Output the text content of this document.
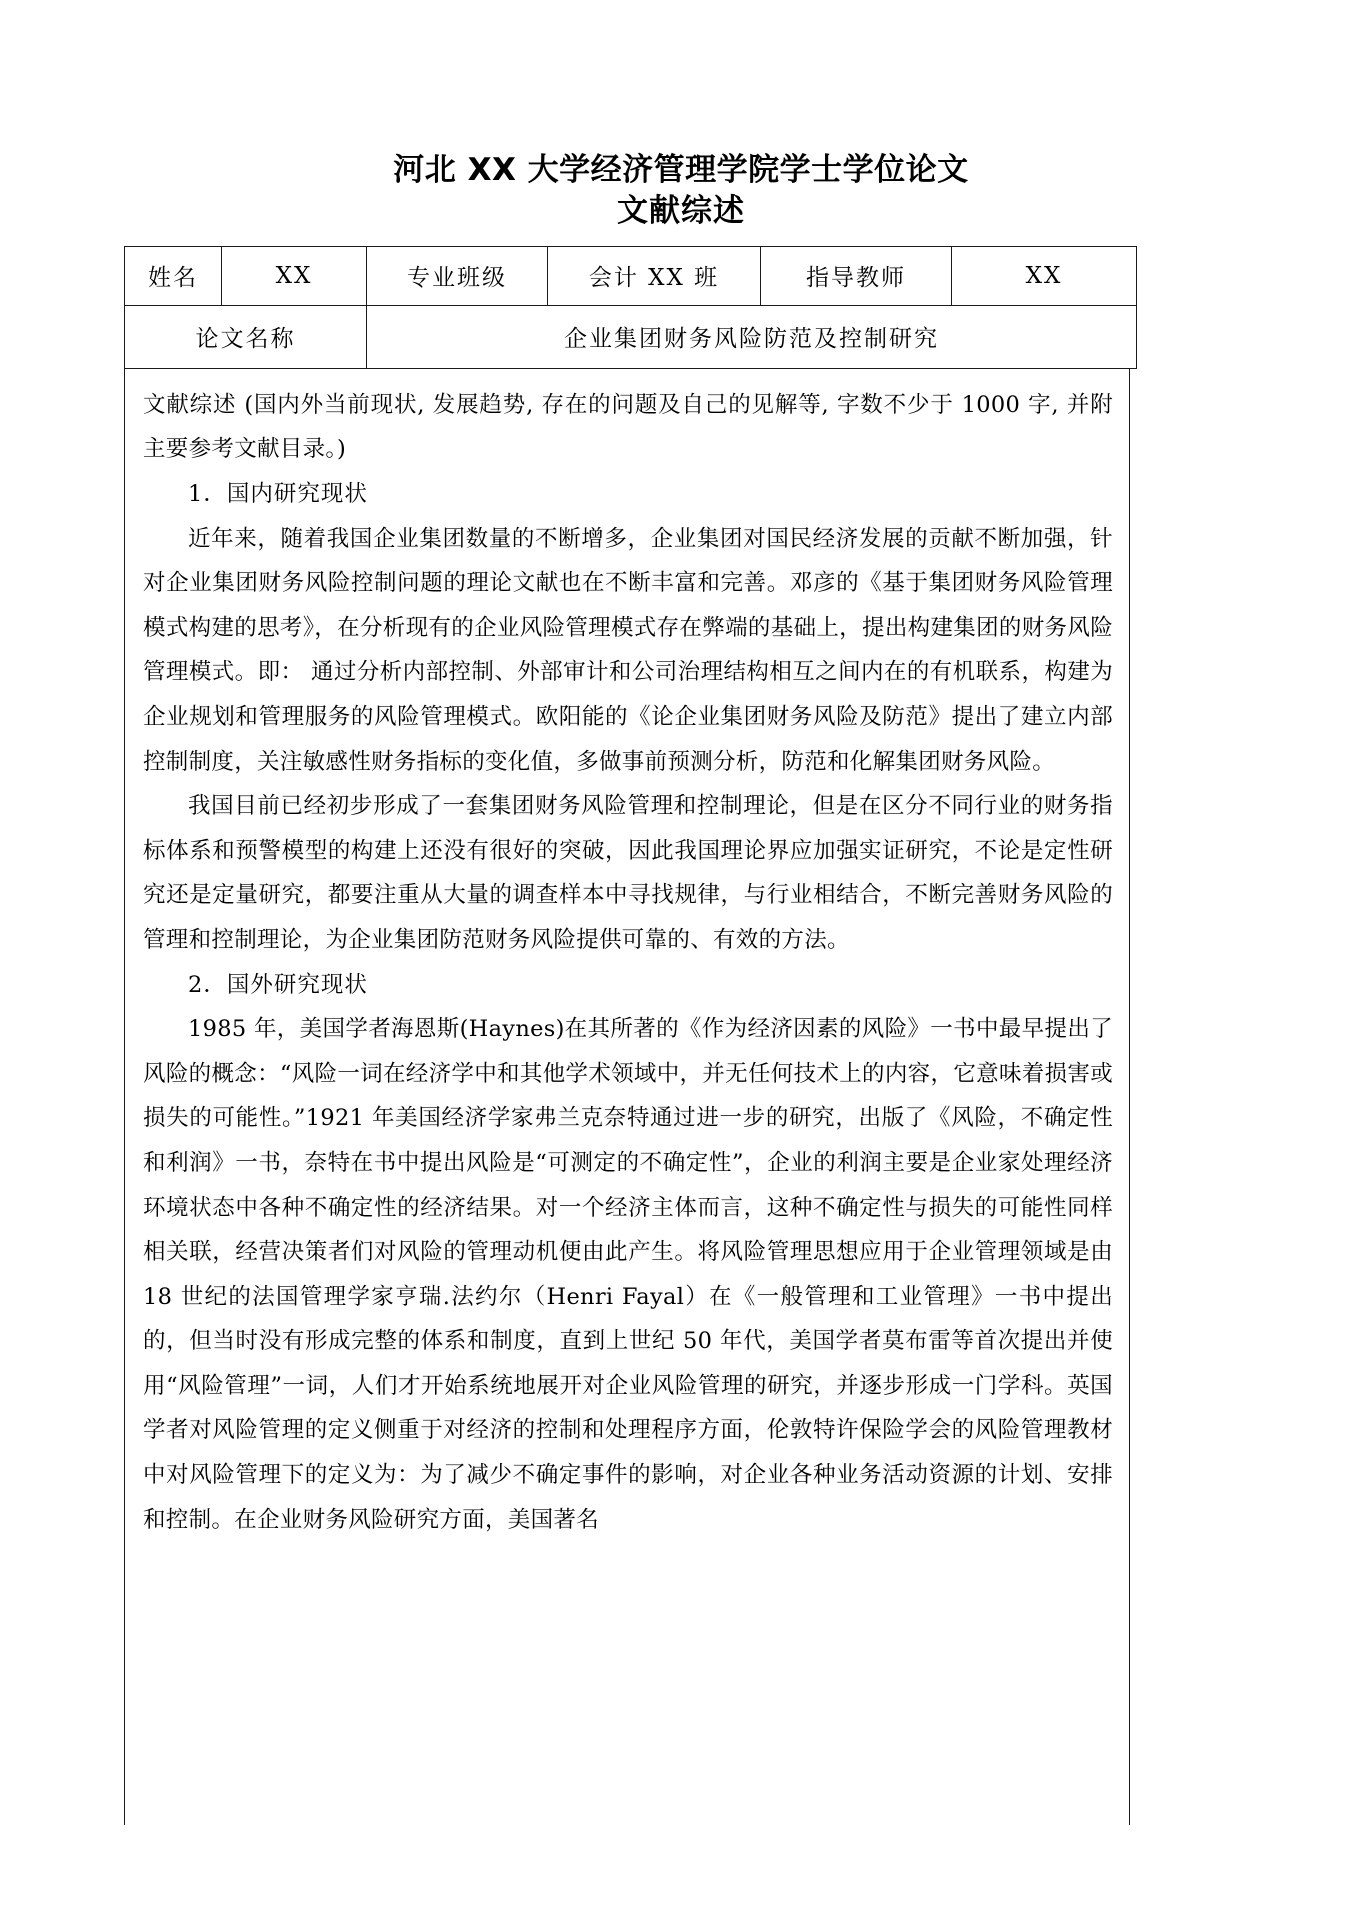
河北 XX 大学经济管理学院学士学位论文
文献综述
姓名	XX	专业班级	会计 XX 班	指导教师	XX
论文名称		企业集团财务风险防范及控制研究			

文献综述 (国内外当前现状, 发展趋势, 存在的问题及自己的见解等, 字数不少于 1000 字, 并附主要参考文献目录。)

1．国内研究现状

近年来，随着我国企业集团数量的不断增多，企业集团对国民经济发展的贡献不断加强，针对企业集团财务风险控制问题的理论文献也在不断丰富和完善。邓彦的《基于集团财务风险管理模式构建的思考》，在分析现有的企业风险管理模式存在弊端的基础上，提出构建集团的财务风险管理模式。即： 通过分析内部控制、外部审计和公司治理结构相互之间内在的有机联系，构建为企业规划和管理服务的风险管理模式。欧阳能的《论企业集团财务风险及防范》提出了建立内部控制制度，关注敏感性财务指标的变化值，多做事前预测分析，防范和化解集团财务风险。

我国目前已经初步形成了一套集团财务风险管理和控制理论，但是在区分不同行业的财务指标体系和预警模型的构建上还没有很好的突破，因此我国理论界应加强实证研究，不论是定性研究还是定量研究，都要注重从大量的调查样本中寻找规律，与行业相结合，不断完善财务风险的管理和控制理论，为企业集团防范财务风险提供可靠的、有效的方法。

2．国外研究现状

1985 年，美国学者海恩斯(Haynes)在其所著的《作为经济因素的风险》一书中最早提出了风险的概念：“风险一词在经济学中和其他学术领域中，并无任何技术上的内容，它意味着损害或损失的可能性。”1921 年美国经济学家弗兰克奈特通过进一步的研究，出版了《风险，不确定性和利润》一书，奈特在书中提出风险是“可测定的不确定性”，企业的利润主要是企业家处理经济环境状态中各种不确定性的经济结果。对一个经济主体而言，这种不确定性与损失的可能性同样相关联，经营决策者们对风险的管理动机便由此产生。将风险管理思想应用于企业管理领域是由 18 世纪的法国管理学家亨瑞.法约尔（Henri Fayal）在《一般管理和工业管理》一书中提出的，但当时没有形成完整的体系和制度，直到上世纪 50 年代，美国学者莫布雷等首次提出并使用“风险管理”一词，人们才开始系统地展开对企业风险管理的研究，并逐步形成一门学科。英国学者对风险管理的定义侧重于对经济的控制和处理程序方面，伦敦特许保险学会的风险管理教材中对风险管理下的定义为：为了减少不确定事件的影响，对企业各种业务活动资源的计划、安排和控制。在企业财务风险研究方面，美国著名
